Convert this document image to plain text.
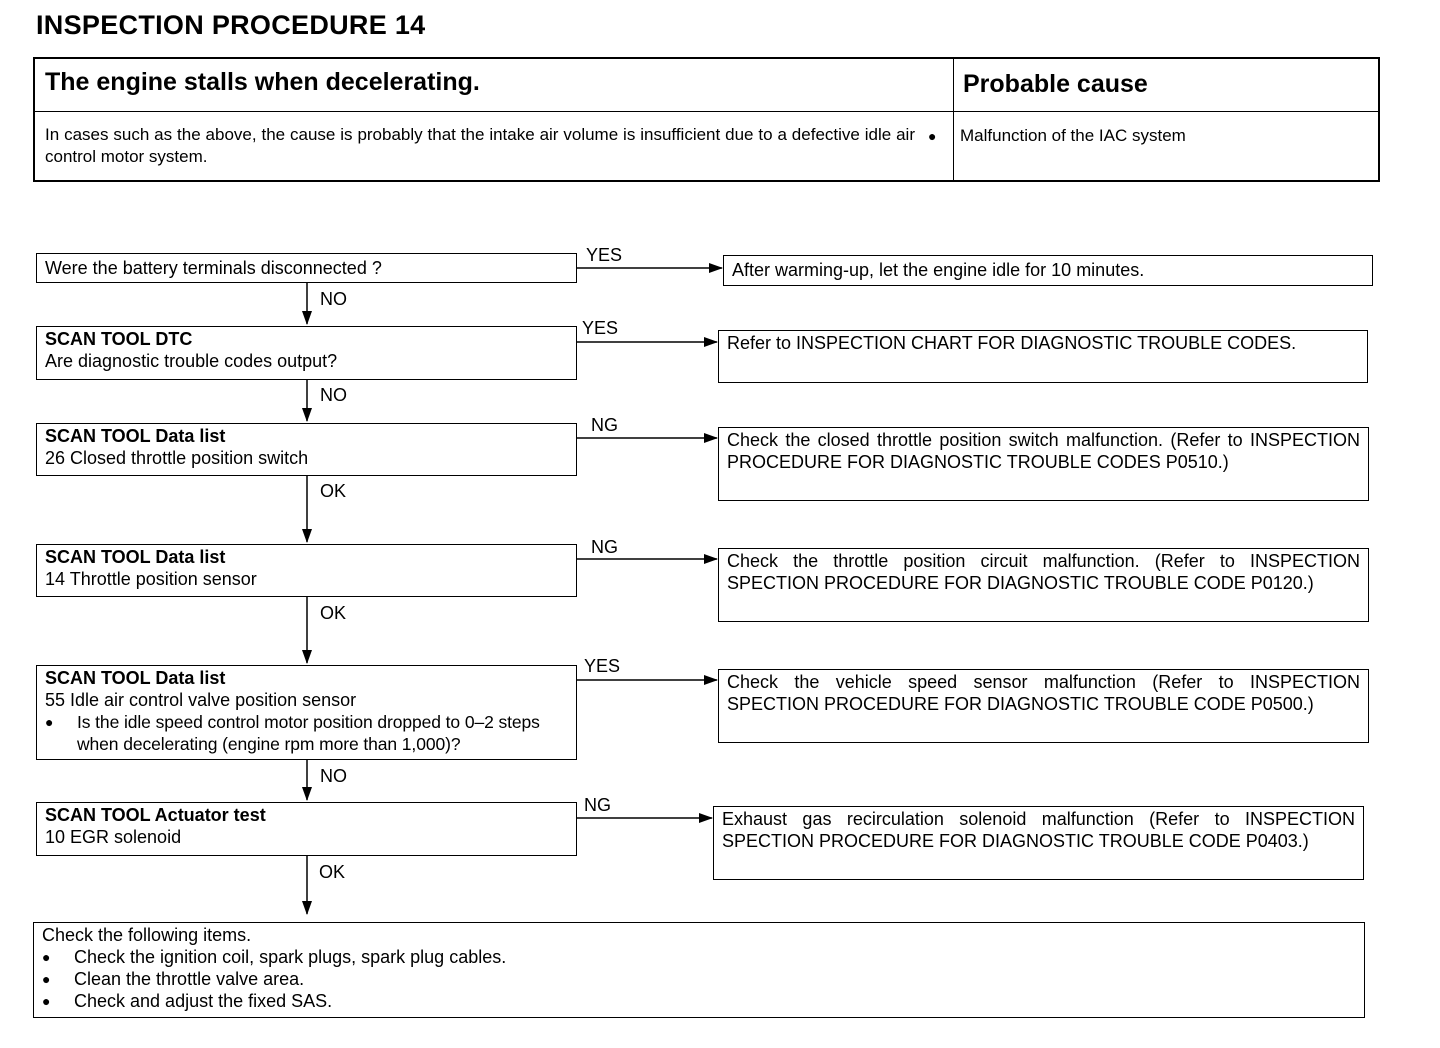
INSPECTION PROCEDURE 14
The engine stalls when decelerating.	Probable cause
In cases such as the above, the cause is probably that the intake air volume is insufficient due to a defective idle air control motor system.
● Malfunction of the IAC system
YES
YES
NG
NG
YES
NG
NO
NO
OK
OK
NO
OK
Were the battery terminals disconnected ?
SCAN TOOL DTC
Are diagnostic trouble codes output?
SCAN TOOL Data list
26 Closed throttle position switch
SCAN TOOL Data list
14 Throttle position sensor
SCAN TOOL Data list
55 Idle air control valve position sensor
● Is the idle speed control motor position dropped to 0–2 steps when decelerating (engine rpm more than 1,000)?
SCAN TOOL Actuator test
10 EGR solenoid
After warming-up, let the engine idle for 10 minutes.
Refer to INSPECTION CHART FOR DIAGNOSTIC TROUBLE CODES.
Check the closed throttle position switch malfunction. (Refer to INSPECTION PROCEDURE FOR DIAGNOSTIC TROUBLE CODES P0510.)
Check the throttle position circuit malfunction. (Refer to INSPECTION SPECTION PROCEDURE FOR DIAGNOSTIC TROUBLE CODE P0120.)
Check the vehicle speed sensor malfunction (Refer to INSPECTION SPECTION PROCEDURE FOR DIAGNOSTIC TROUBLE CODE P0500.)
Exhaust gas recirculation solenoid malfunction (Refer to INSPECTION SPECTION PROCEDURE FOR DIAGNOSTIC TROUBLE CODE P0403.)
Check the following items.
● Check the ignition coil, spark plugs, spark plug cables.
● Clean the throttle valve area.
● Check and adjust the fixed SAS.
